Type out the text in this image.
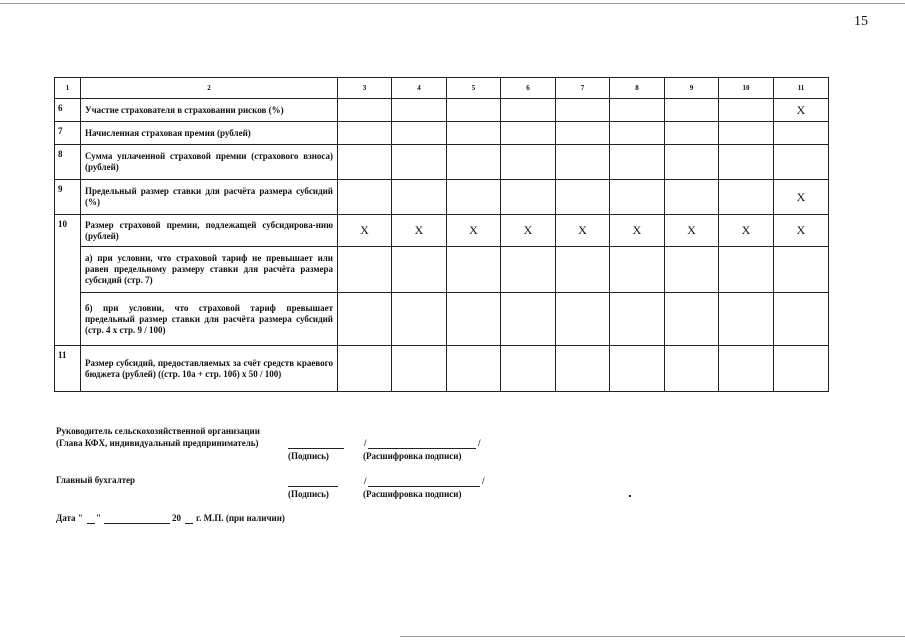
15
1	2	3	4	5	6	7	8	9	10	11
6	Участие страхователя в страховании рисков (%)									X
7	Начисленная страховая премия (рублей)									
8	Сумма уплаченной страховой премии (страхового взноса) (рублей)									
9	Предельный размер ставки для расчёта размера субсидий (%)									X
10	Размер страховой премии, подлежащей субсидирова-нию (рублей)	X	X	X	X	X	X	X	X	X
	а) при условии, что страховой тариф не превышает или равен предельному размеру ставки для расчёта размера субсидий (стр. 7)									
	б) при условии, что страховой тариф превышает предельный размер ставки для расчёта размера субсидий (стр. 4 х стр. 9 / 100)									
11	Размер субсидий, предоставляемых за счёт средств краевого бюджета (рублей) ((стр. 10а + стр. 10б) х 50 / 100)									
Руководитель сельскохозяйственной организации
(Глава КФХ, индивидуальный предприниматель)	/	/
(Подпись)	(Расшифровка подписи)
Главный бухгалтер	/	/
(Подпись)	(Расшифровка подписи)
Дата " "	20 г. М.П. (при наличии)
